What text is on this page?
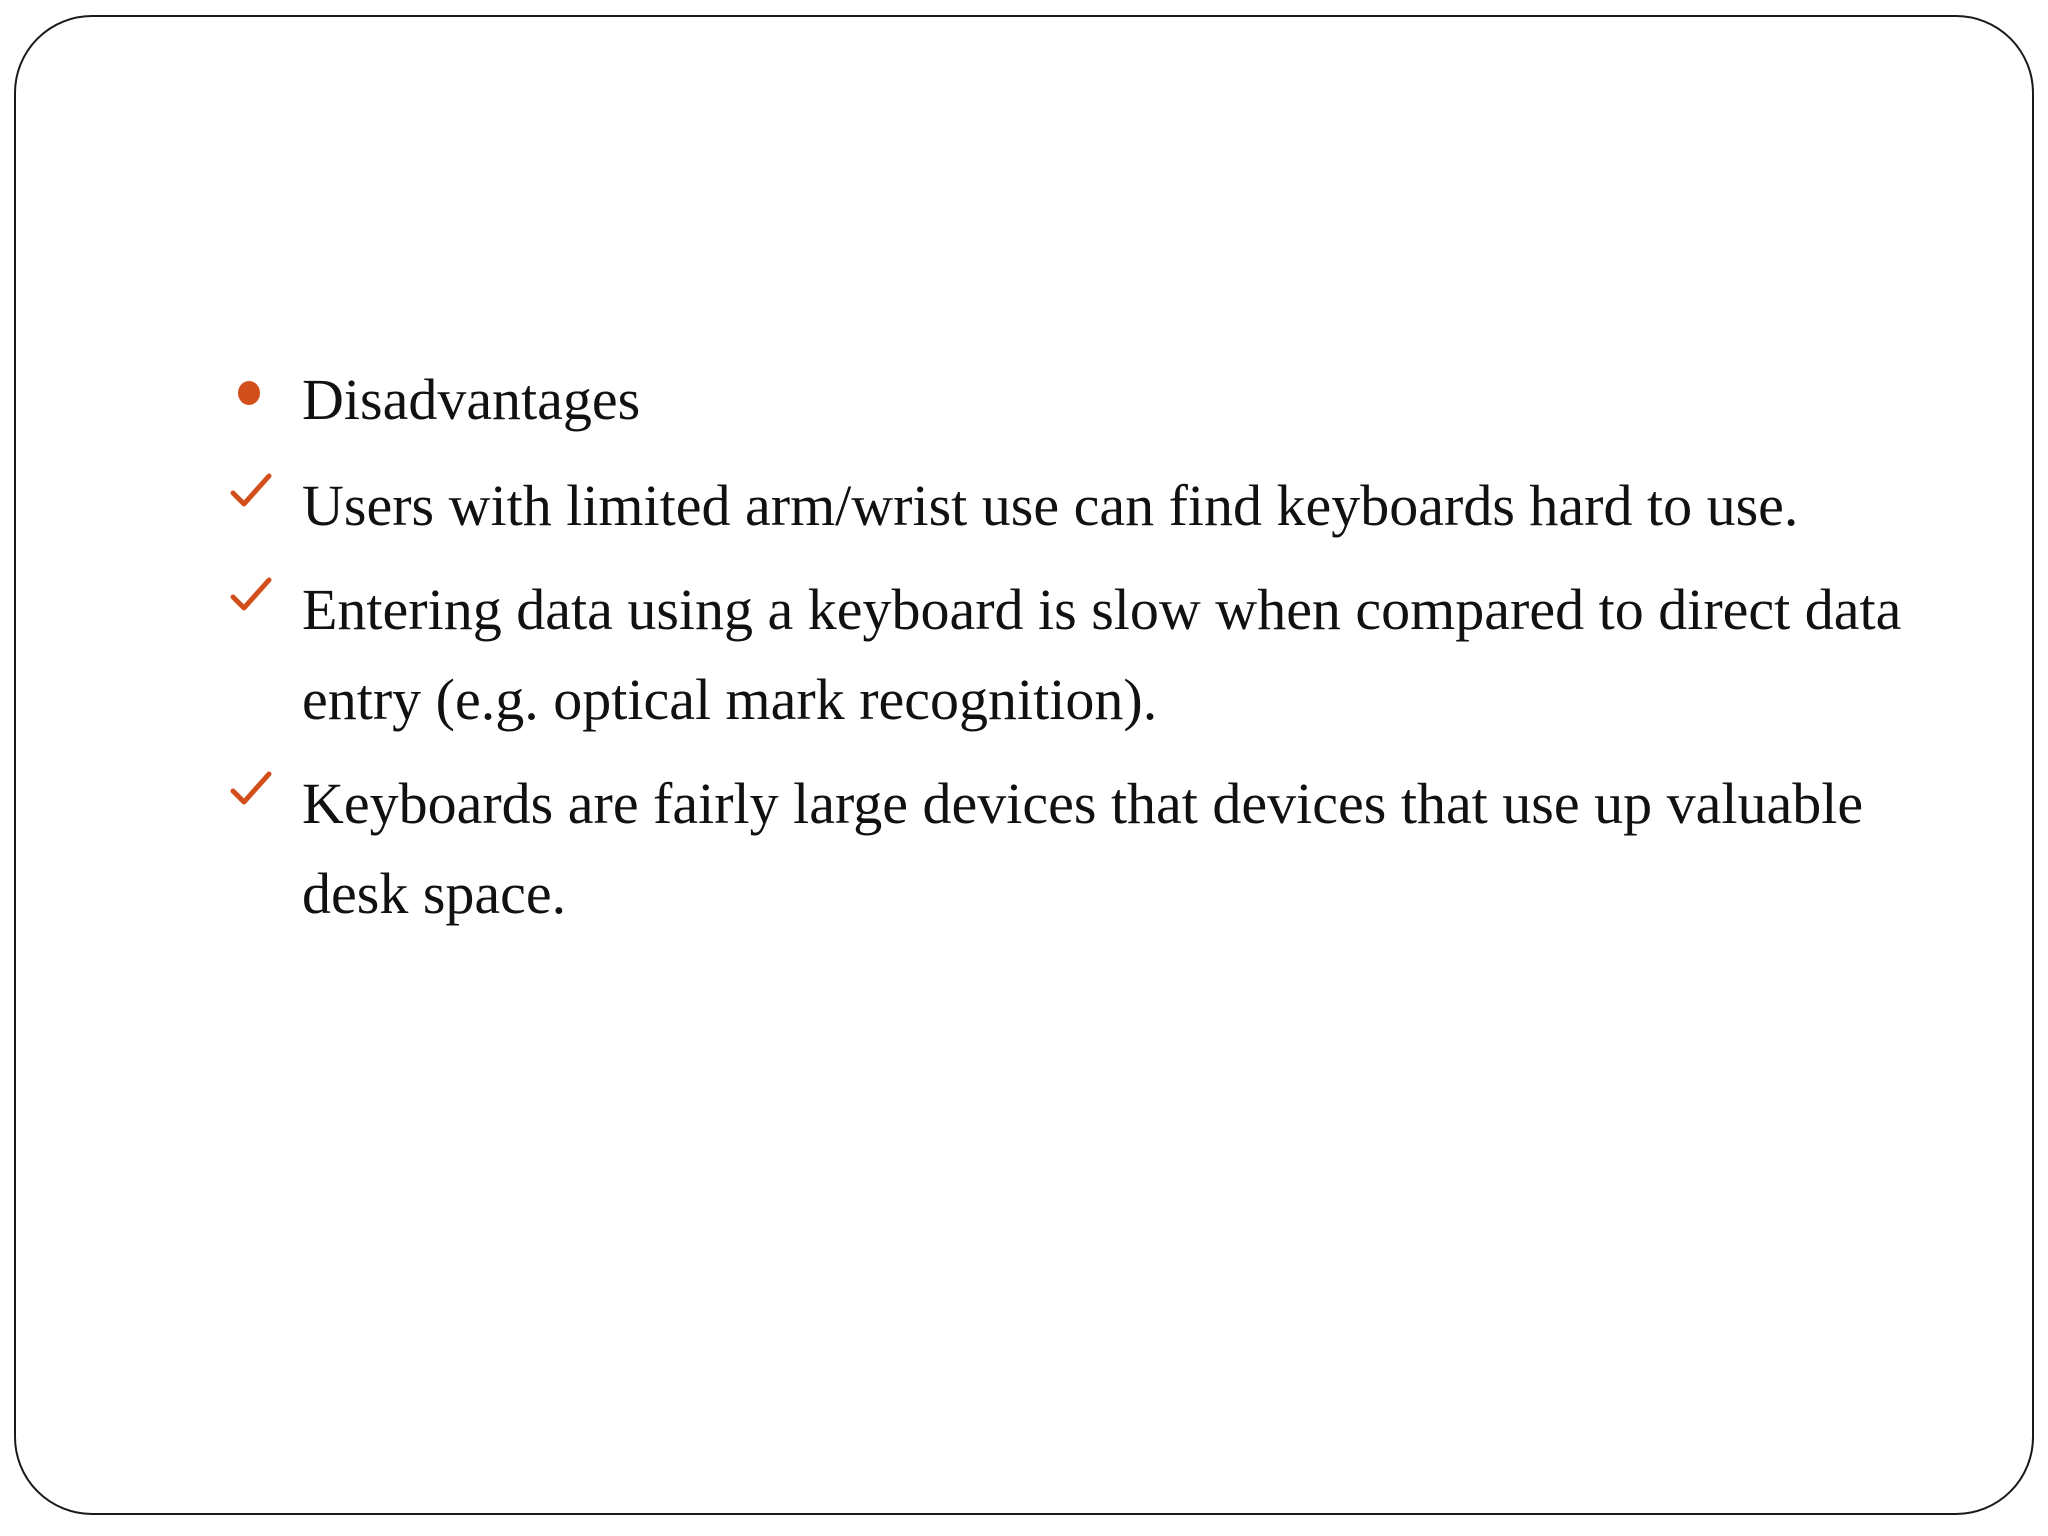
Disadvantages
Users with limited arm/wrist use can find keyboards hard to use.
Entering data using a keyboard is slow when compared to direct data entry (e.g. optical mark recognition).
Keyboards are fairly large devices that devices that use up valuable desk space.
